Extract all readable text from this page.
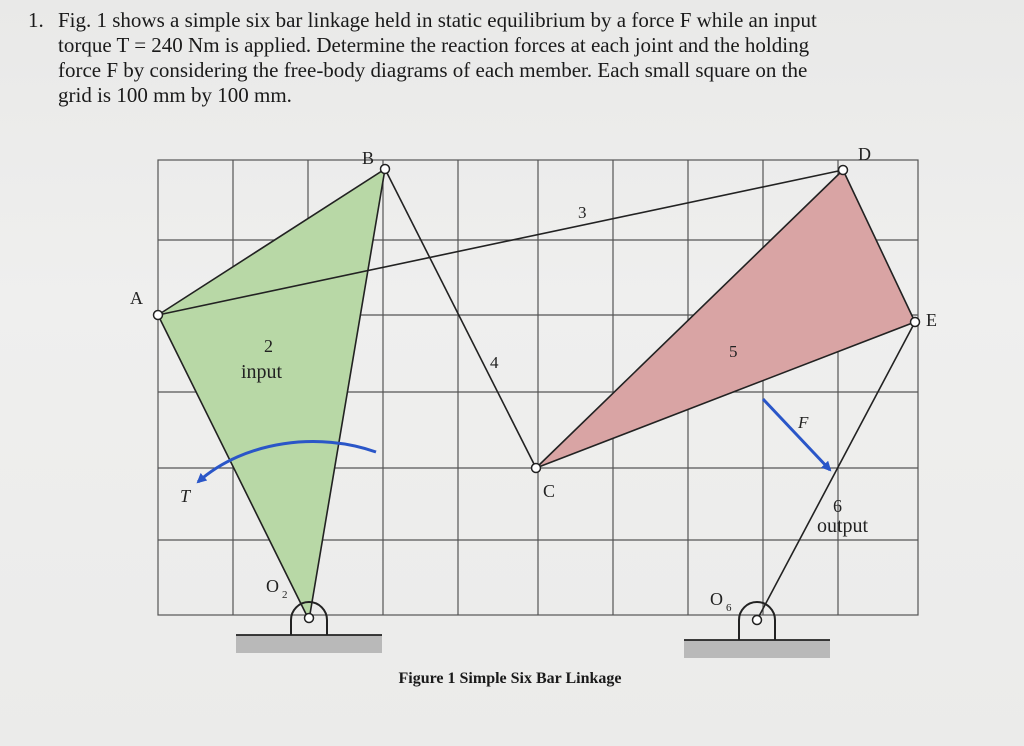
1. Fig. 1 shows a simple six bar linkage held in static equilibrium by a force F while an input

torque T = 240 Nm is applied. Determine the reaction forces at each joint and the holding

force F by considering the free-body diagrams of each member. Each small square on the

grid is 100 mm by 100 mm.

B	D
A
E
C
O 2	O 6
2
input
3
4
5
6
output
T
F
Figure 1 Simple Six Bar Linkage
